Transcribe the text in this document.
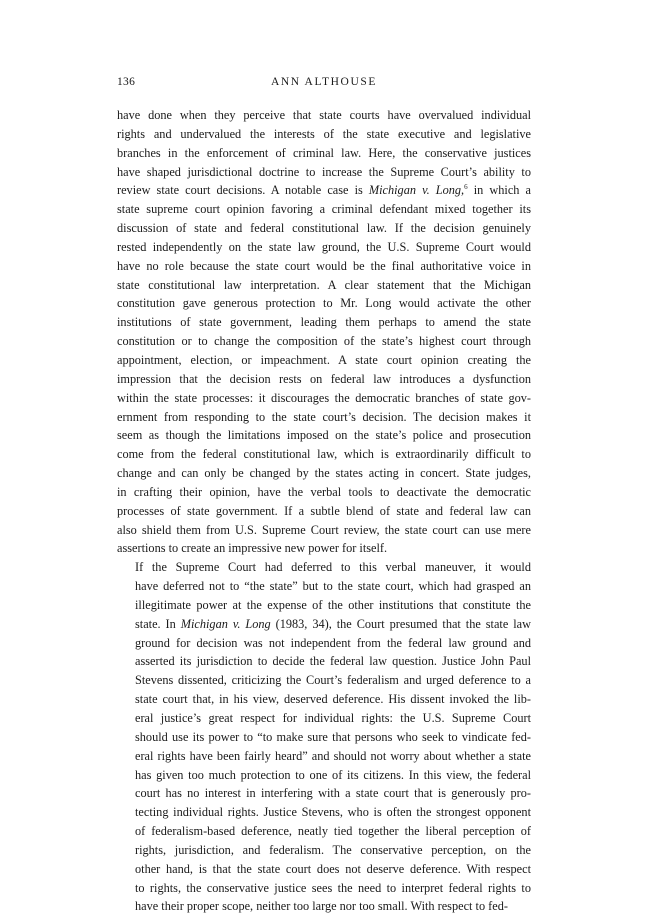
136	ANN ALTHOUSE

have done when they perceive that state courts have overvalued individual
rights and undervalued the interests of the state executive and legislative
branches in the enforcement of criminal law. Here, the conservative justices
have shaped jurisdictional doctrine to increase the Supreme Court’s ability to
review state court decisions. A notable case is Michigan v. Long,$^6$ in which a
state supreme court opinion favoring a criminal defendant mixed together its
discussion of state and federal constitutional law. If the decision genuinely
rested independently on the state law ground, the U.S. Supreme Court would
have no role because the state court would be the final authoritative voice in
state constitutional law interpretation. A clear statement that the Michigan
constitution gave generous protection to Mr. Long would activate the other
institutions of state government, leading them perhaps to amend the state
constitution or to change the composition of the state’s highest court through
appointment, election, or impeachment. A state court opinion creating the
impression that the decision rests on federal law introduces a dysfunction
within the state processes: it discourages the democratic branches of state gov-
ernment from responding to the state court’s decision. The decision makes it
seem as though the limitations imposed on the state’s police and prosecution
come from the federal constitutional law, which is extraordinarily difficult to
change and can only be changed by the states acting in concert. State judges,
in crafting their opinion, have the verbal tools to deactivate the democratic
processes of state government. If a subtle blend of state and federal law can
also shield them from U.S. Supreme Court review, the state court can use mere
assertions to create an impressive new power for itself.

If the Supreme Court had deferred to this verbal maneuver, it would
have deferred not to “the state” but to the state court, which had grasped an
illegitimate power at the expense of the other institutions that constitute the
state. In Michigan v. Long (1983, 34), the Court presumed that the state law
ground for decision was not independent from the federal law ground and
asserted its jurisdiction to decide the federal law question. Justice John Paul
Stevens dissented, criticizing the Court’s federalism and urged deference to a
state court that, in his view, deserved deference. His dissent invoked the lib-
eral justice’s great respect for individual rights: the U.S. Supreme Court
should use its power to “to make sure that persons who seek to vindicate fed-
eral rights have been fairly heard” and should not worry about whether a state
has given too much protection to one of its citizens. In this view, the federal
court has no interest in interfering with a state court that is generously pro-
tecting individual rights. Justice Stevens, who is often the strongest opponent
of federalism-based deference, neatly tied together the liberal perception of
rights, jurisdiction, and federalism. The conservative perception, on the
other hand, is that the state court does not deserve deference. With respect
to rights, the conservative justice sees the need to interpret federal rights to
have their proper scope, neither too large nor too small. With respect to fed-
